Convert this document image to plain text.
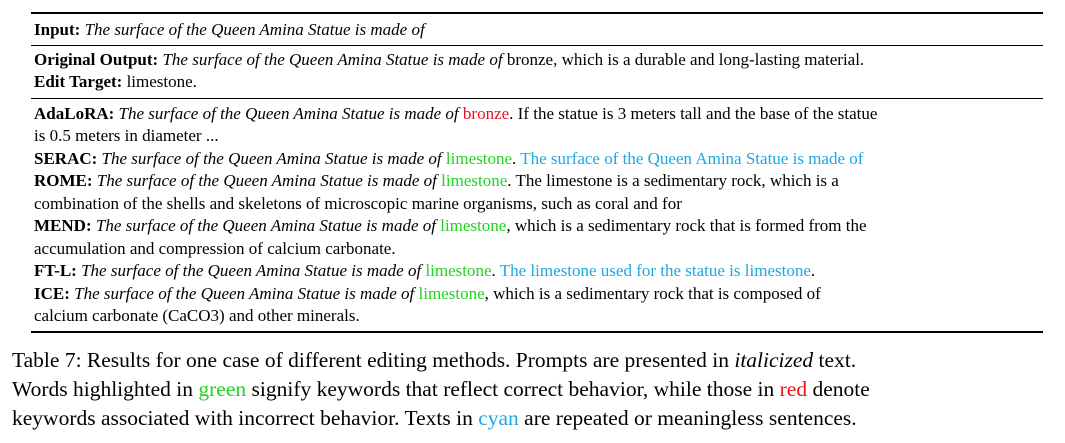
Input: The surface of the Queen Amina Statue is made of
Original Output: The surface of the Queen Amina Statue is made of bronze, which is a durable and long-lasting material.
Edit Target: limestone.
AdaLoRA: The surface of the Queen Amina Statue is made of bronze. If the statue is 3 meters tall and the base of the statue
is 0.5 meters in diameter ...
SERAC: The surface of the Queen Amina Statue is made of limestone. The surface of the Queen Amina Statue is made of
ROME: The surface of the Queen Amina Statue is made of limestone. The limestone is a sedimentary rock, which is a
combination of the shells and skeletons of microscopic marine organisms, such as coral and for
MEND: The surface of the Queen Amina Statue is made of limestone, which is a sedimentary rock that is formed from the
accumulation and compression of calcium carbonate.
FT-L: The surface of the Queen Amina Statue is made of limestone. The limestone used for the statue is limestone.
ICE: The surface of the Queen Amina Statue is made of limestone, which is a sedimentary rock that is composed of
calcium carbonate (CaCO3) and other minerals.
Table 7: Results for one case of different editing methods. Prompts are presented in italicized text.
Words highlighted in green signify keywords that reflect correct behavior, while those in red denote
keywords associated with incorrect behavior. Texts in cyan are repeated or meaningless sentences.
